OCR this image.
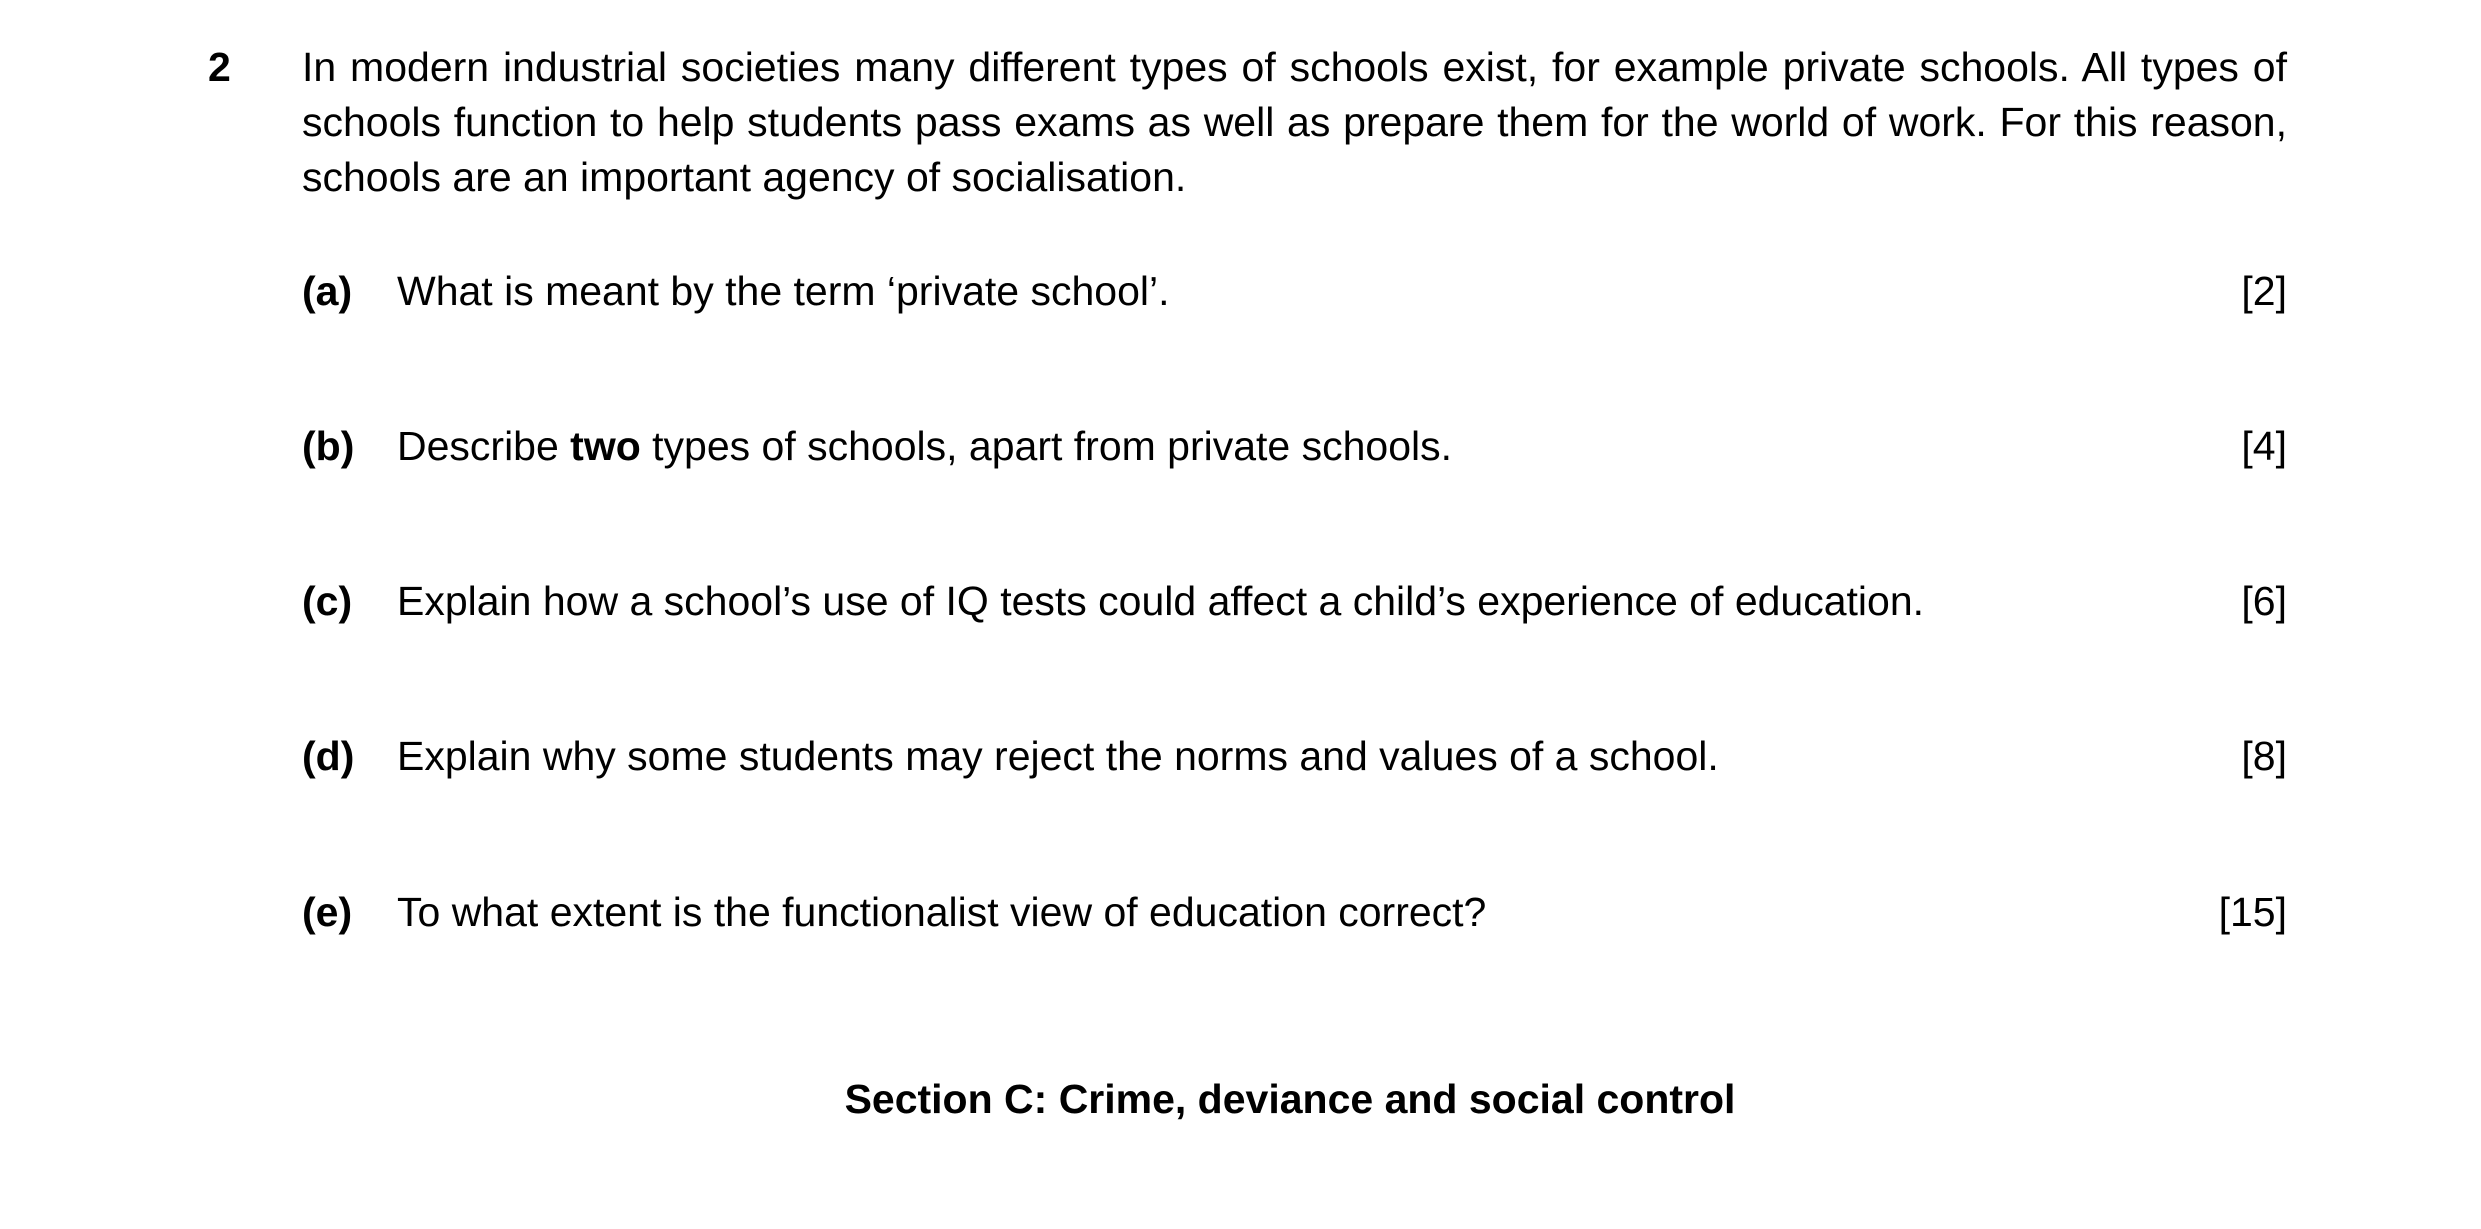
2 In modern industrial societies many different types of schools exist, for example private schools. All types of schools function to help students pass exams as well as prepare them for the world of work. For this reason, schools are an important agency of socialisation.

(a) What is meant by the term ‘private school’.	[2]
(b) Describe two types of schools, apart from private schools.	[4]
(c) Explain how a school’s use of IQ tests could affect a child’s experience of education.	[6]
(d) Explain why some students may reject the norms and values of a school.	[8]
(e) To what extent is the functionalist view of education correct?	[15]
Section C: Crime, deviance and social control
